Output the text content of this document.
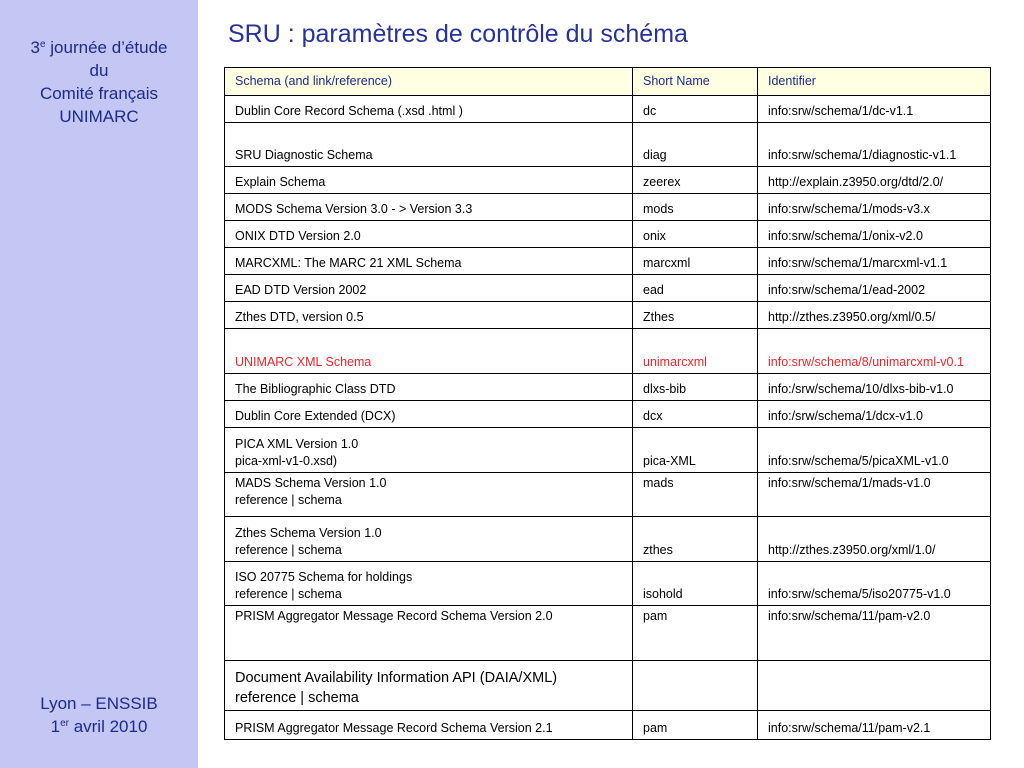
3e journée d’étude
du
Comité français
UNIMARC
Lyon – ENSSIB
1er avril 2010
SRU : paramètres de contrôle du schéma
Schema (and link/reference)	Short Name	Identifier

Dublin Core Record Schema (.xsd .html )	dc	info:srw/schema/1/dc-v1.1

SRU Diagnostic Schema	diag	info:srw/schema/1/diagnostic-v1.1

Explain Schema	zeerex	http://explain.z3950.org/dtd/2.0/

MODS Schema Version 3.0 - > Version 3.3	mods	info:srw/schema/1/mods-v3.x

ONIX DTD Version 2.0	onix	info:srw/schema/1/onix-v2.0

MARCXML: The MARC 21 XML Schema	marcxml	info:srw/schema/1/marcxml-v1.1

EAD DTD Version 2002	ead	info:srw/schema/1/ead-2002

Zthes DTD, version 0.5	Zthes	http://zthes.z3950.org/xml/0.5/

UNIMARC XML Schema	unimarcxml	info:srw/schema/8/unimarcxml-v0.1

The Bibliographic Class DTD	dlxs-bib	info:/srw/schema/10/dlxs-bib-v1.0

Dublin Core Extended (DCX)	dcx	info:/srw/schema/1/dcx-v1.0

PICA XML Version 1.0
pica-xml-v1-0.xsd)	pica-XML	info:srw/schema/5/picaXML-v1.0

MADS Schema Version 1.0
reference | schema	mads	info:srw/schema/1/mads-v1.0

Zthes Schema Version 1.0
reference | schema	zthes	http://zthes.z3950.org/xml/1.0/

ISO 20775 Schema for holdings
reference | schema	isohold	info:srw/schema/5/iso20775-v1.0

PRISM Aggregator Message Record Schema Version 2.0	pam	info:srw/schema/11/pam-v2.0

Document Availability Information API (DAIA/XML)
reference | schema		

PRISM Aggregator Message Record Schema Version 2.1	pam	info:srw/schema/11/pam-v2.1
